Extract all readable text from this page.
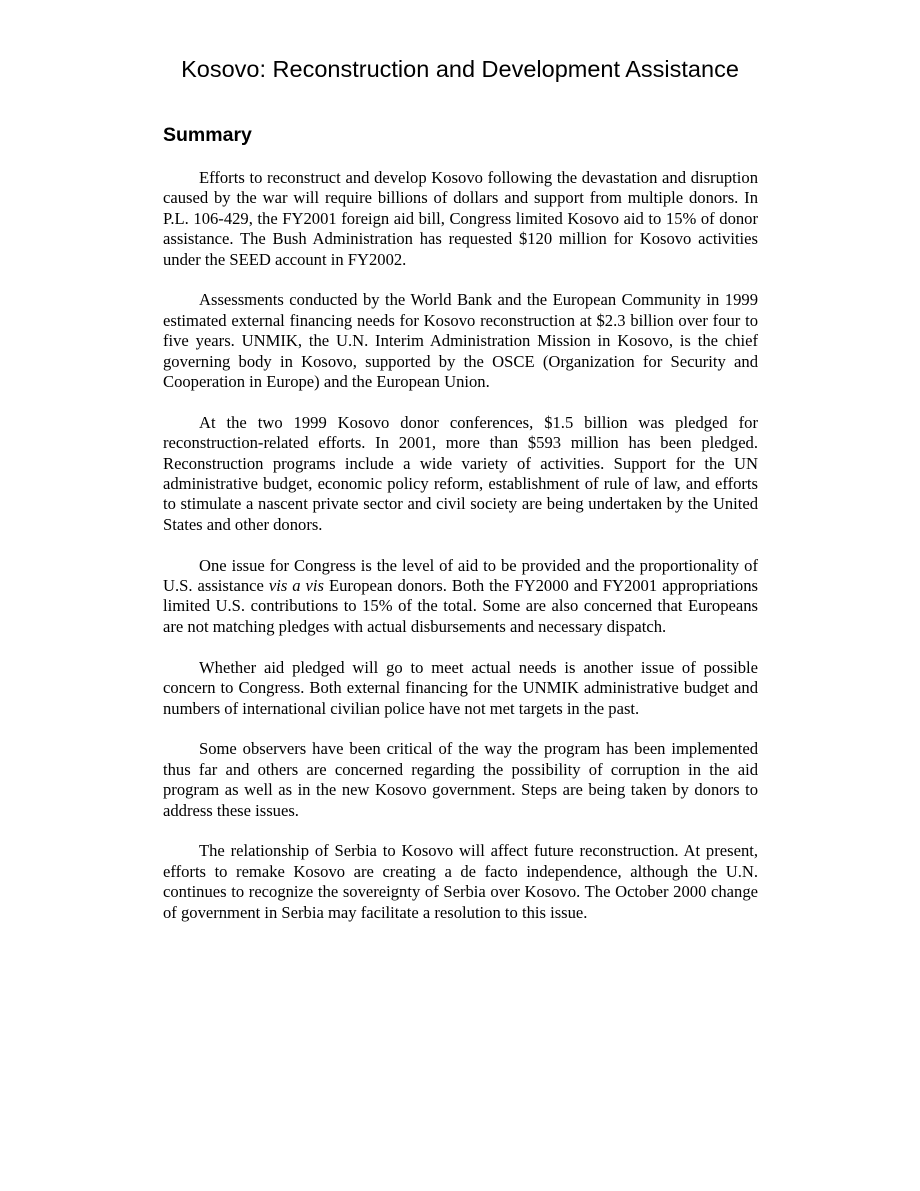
Kosovo: Reconstruction and Development Assistance
Summary

Efforts to reconstruct and develop Kosovo following the devastation and disruption caused by the war will require billions of dollars and support from multiple donors. In P.L. 106-429, the FY2001 foreign aid bill, Congress limited Kosovo aid to 15% of donor assistance. The Bush Administration has requested $120 million for Kosovo activities under the SEED account in FY2002.

Assessments conducted by the World Bank and the European Community in 1999 estimated external financing needs for Kosovo reconstruction at $2.3 billion over four to five years. UNMIK, the U.N. Interim Administration Mission in Kosovo, is the chief governing body in Kosovo, supported by the OSCE (Organization for Security and Cooperation in Europe) and the European Union.

At the two 1999 Kosovo donor conferences, $1.5 billion was pledged for reconstruction-related efforts. In 2001, more than $593 million has been pledged. Reconstruction programs include a wide variety of activities. Support for the UN administrative budget, economic policy reform, establishment of rule of law, and efforts to stimulate a nascent private sector and civil society are being undertaken by the United States and other donors.

One issue for Congress is the level of aid to be provided and the proportionality of U.S. assistance vis a vis European donors. Both the FY2000 and FY2001 appropriations limited U.S. contributions to 15% of the total. Some are also concerned that Europeans are not matching pledges with actual disbursements and necessary dispatch.

Whether aid pledged will go to meet actual needs is another issue of possible concern to Congress. Both external financing for the UNMIK administrative budget and numbers of international civilian police have not met targets in the past.

Some observers have been critical of the way the program has been implemented thus far and others are concerned regarding the possibility of corruption in the aid program as well as in the new Kosovo government. Steps are being taken by donors to address these issues.

The relationship of Serbia to Kosovo will affect future reconstruction. At present, efforts to remake Kosovo are creating a de facto independence, although the U.N. continues to recognize the sovereignty of Serbia over Kosovo. The October 2000 change of government in Serbia may facilitate a resolution to this issue.
